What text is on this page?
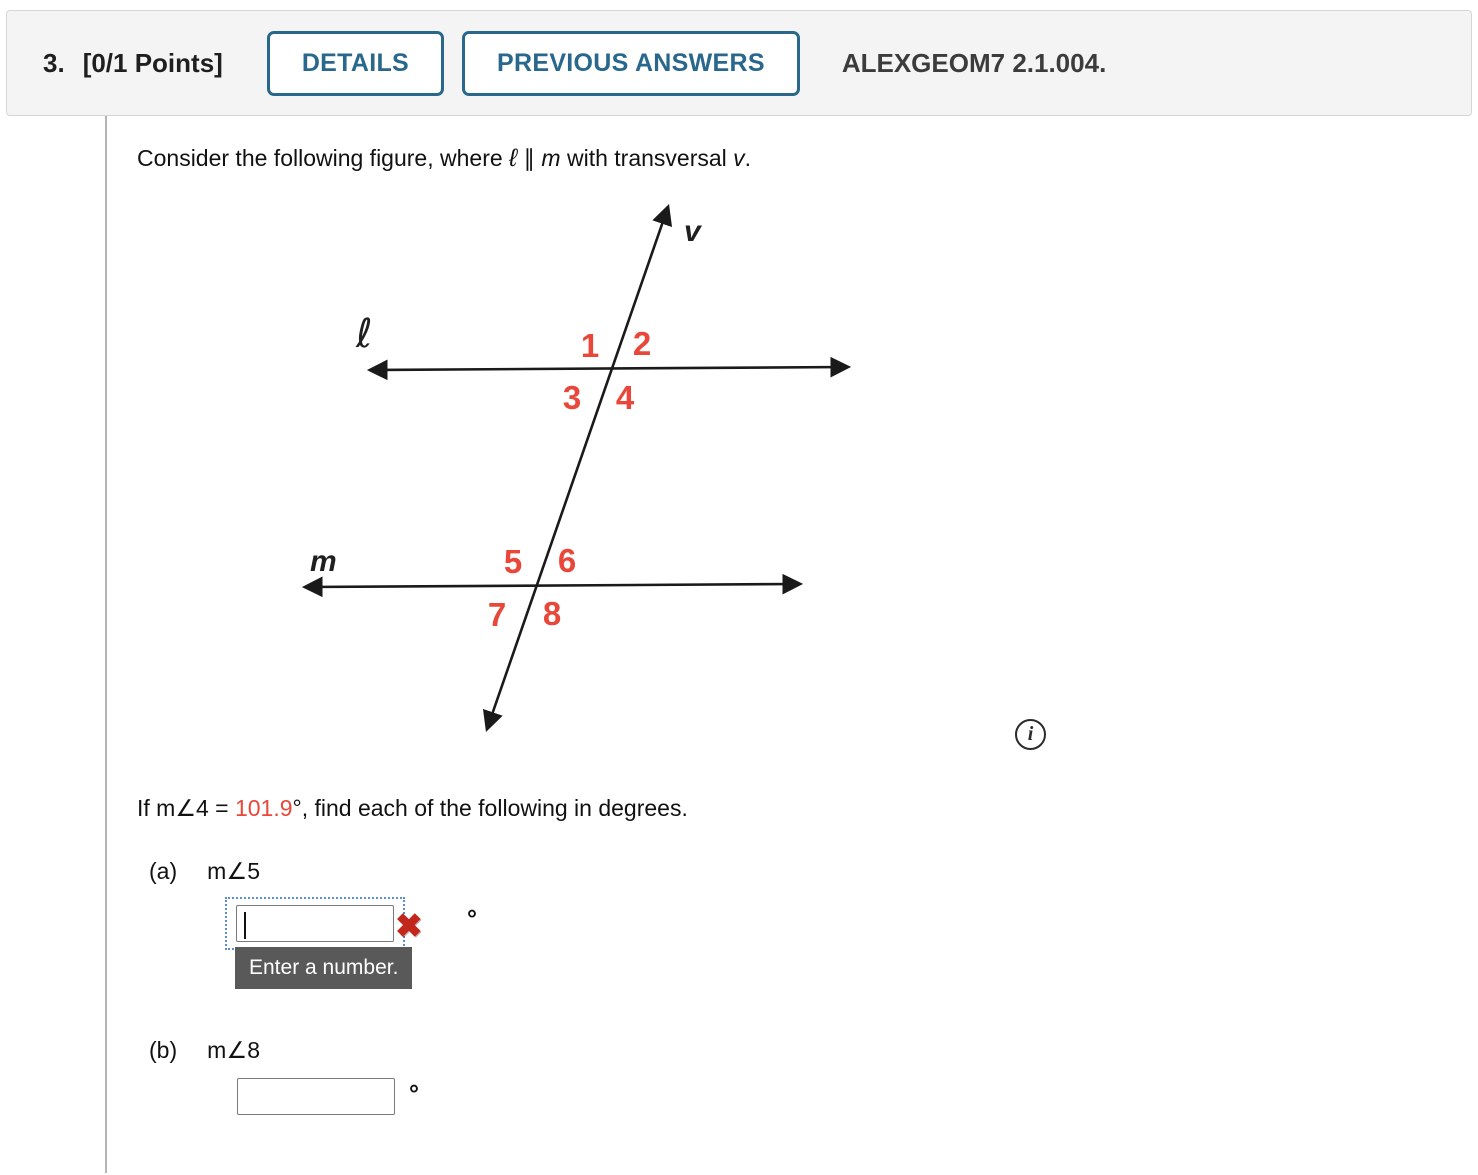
3. [0/1 Points]	DETAILS	PREVIOUS ANSWERS	ALEXGEOM7 2.1.004.

Consider the following figure, where ℓ ∥ m with transversal v.

v
ℓ
m
1 2
3 4
5 6
7 8
i

If m∠4 = 101.9°, find each of the following in degrees.

(a) m∠5
✖ °
Enter a number.
(b) m∠8
°
